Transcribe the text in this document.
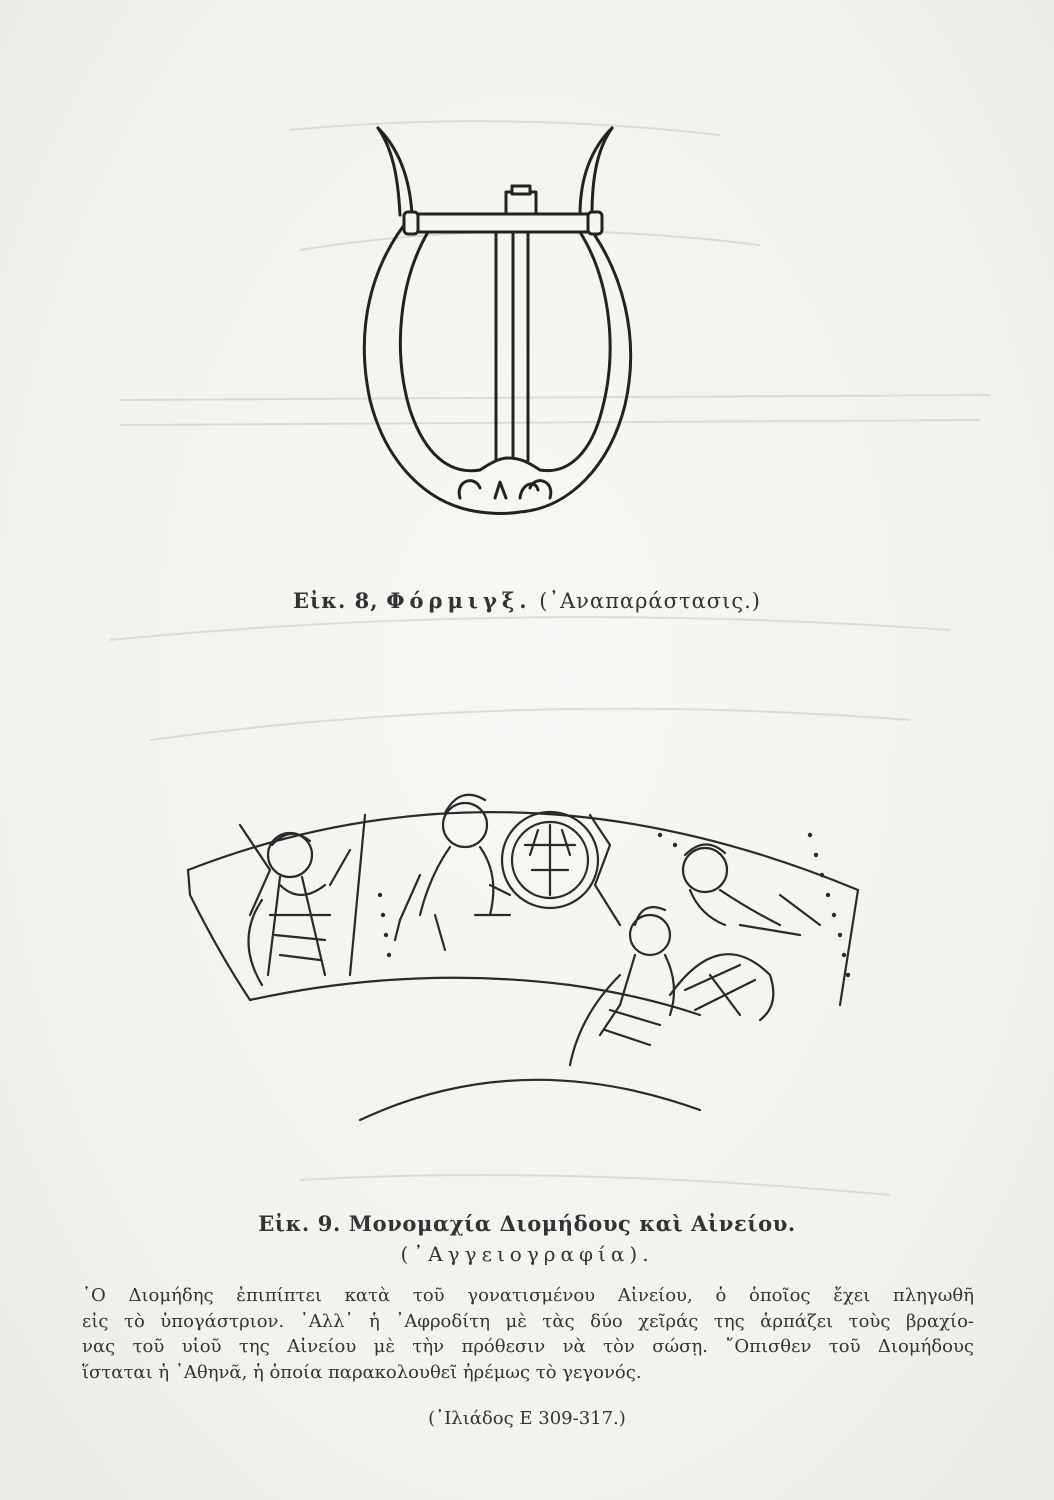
Εἰκ. 8, Φόρμιγξ. (᾿Αναπαράστασις.)
Εἰκ. 9. Μονομαχία Διομήδους καὶ Αἰνείου.
(᾿Αγγειογραφία).
῾Ο Διομήδης ἐπιπίπτει κατὰ τοῦ γονατισμένου Αἰνείου, ὁ ὁποῖος ἔχει πληγωθῆ
εἰς τὸ ὑπογάστριον. ᾿Αλλ᾿ ἡ ᾿Αφροδίτη μὲ τὰς δύο χεῖράς της ἁρπάζει τοὺς βραχίο-
νας τοῦ υἱοῦ της Αἰνείου μὲ τὴν πρόθεσιν νὰ τὸν σώσῃ. ῎Οπισθεν τοῦ Διομήδους
ἵσταται ἡ ᾿Αθηνᾶ, ἡ ὁποία παρακολουθεῖ ἠρέμως τὸ γεγονός.
(᾿Ιλιάδος Ε 309-317.)
